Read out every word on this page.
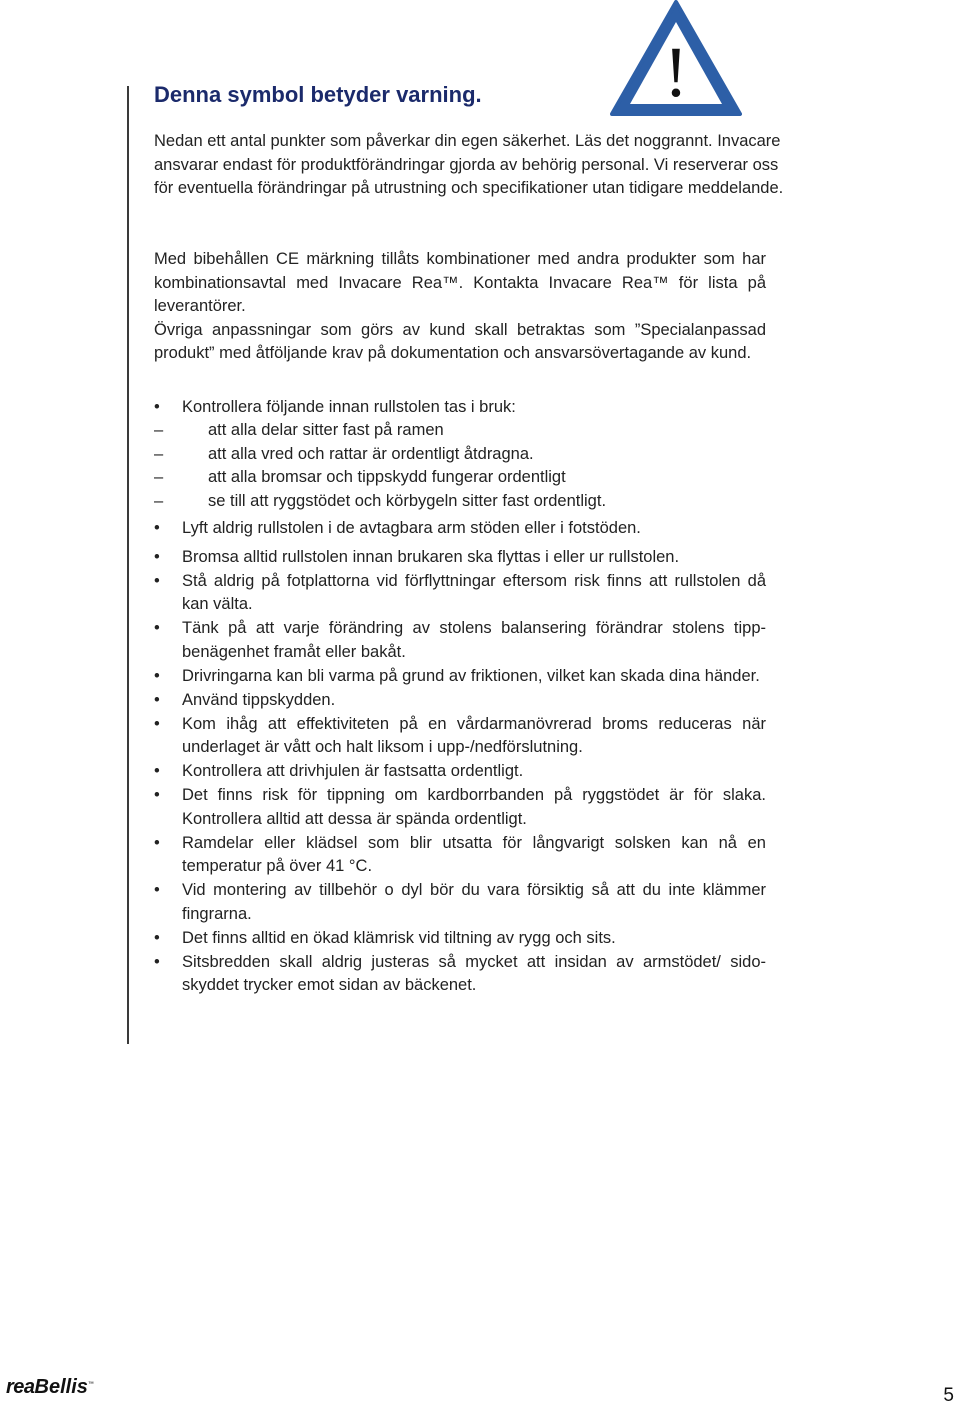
!
Denna symbol betyder varning.

Nedan ett antal punkter som påverkar din egen säkerhet. Läs det noggrannt. Invacare ansvarar endast för produktförändringar gjorda av behörig personal. Vi reserverar oss för eventuella förändringar på utrustning och specifikationer utan tidigare meddelande.

Med bibehållen CE märkning tillåts kombinationer med andra produkter som har kombinationsavtal med Invacare Rea™. Kontakta Invacare Rea™ för lista på leverantörer.

Övriga anpassningar som görs av kund skall betraktas som ”Specialanpassad produkt” med åtföljande krav på dokumentation och ansvarsövertagande av kund.

• Kontrollera följande innan rullstolen tas i bruk:
–	att alla delar sitter fast på ramen
–	att alla vred och rattar är ordentligt åtdragna.
–	att alla bromsar och tippskydd fungerar ordentligt
–	se till att ryggstödet och körbygeln sitter fast ordentligt.
• Lyft aldrig rullstolen i de avtagbara arm stöden eller i fotstöden.
• Bromsa alltid rullstolen innan brukaren ska flyttas i eller ur rullstolen.
• Stå aldrig på fotplattorna vid förflyttningar eftersom risk finns att rullstolen då kan välta.
• Tänk på att varje förändring av stolens balansering förändrar stolens tipp-benägenhet framåt eller bakåt.
• Drivringarna kan bli varma på grund av friktionen, vilket kan skada dina händer.
• Använd tippskydden.
• Kom ihåg att effektiviteten på en vårdarmanövrerad broms reduceras när underlaget är vått och halt liksom i upp-/nedförslutning.
• Kontrollera att drivhjulen är fastsatta ordentligt.
• Det finns risk för tippning om kardborrbanden på ryggstödet är för slaka. Kontrollera alltid att dessa är spända ordentligt.
• Ramdelar eller klädsel som blir utsatta för långvarigt solsken kan nå en temperatur på över 41 °C.
• Vid montering av tillbehör o dyl bör du vara försiktig så att du inte klämmer fingrarna.
• Det finns alltid en ökad klämrisk vid tiltning av rygg och sits.
• Sitsbredden skall aldrig justeras så mycket att insidan av armstödet/ sido-skyddet trycker emot sidan av bäckenet.
reaBellis™
5
